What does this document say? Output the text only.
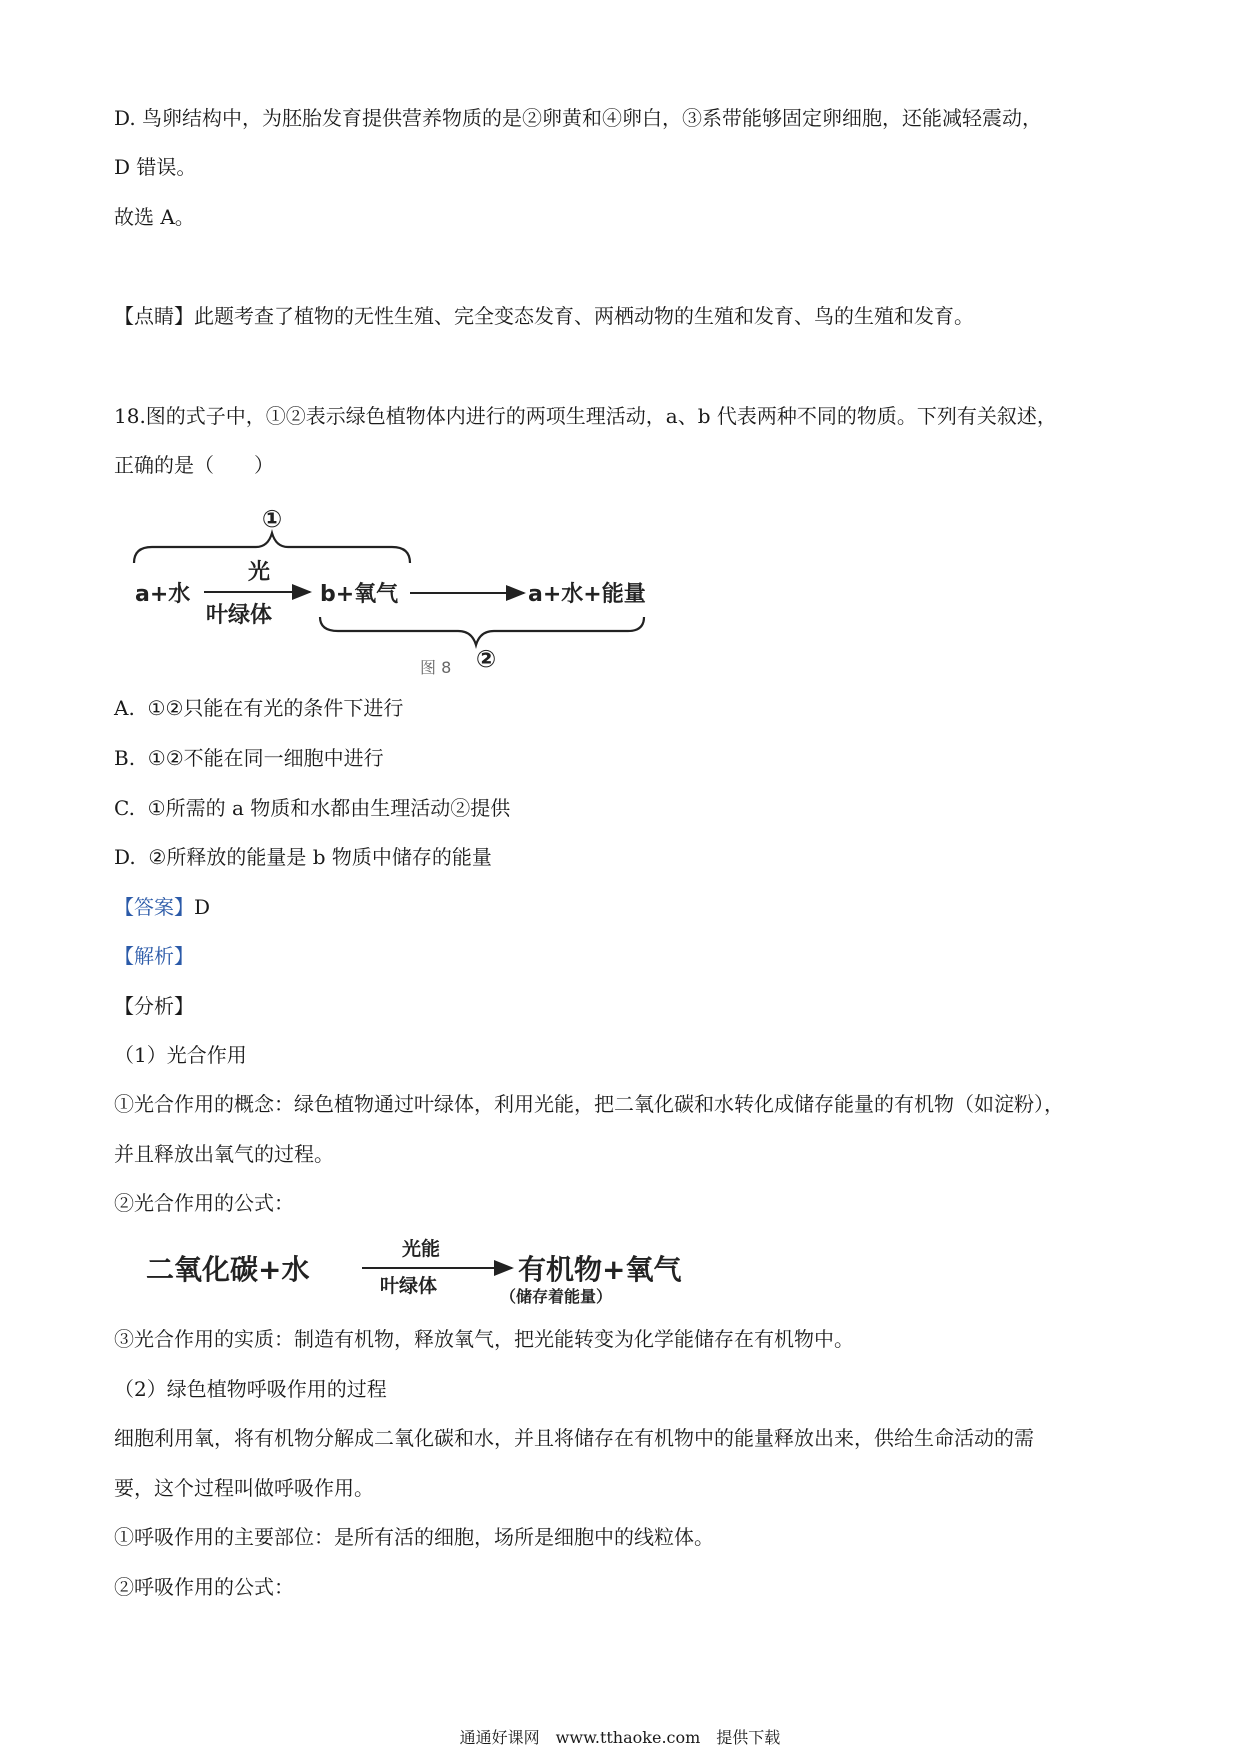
D. 鸟卵结构中，为胚胎发育提供营养物质的是②卵黄和④卵白，③系带能够固定卵细胞，还能减轻震动，
D 错误。
故选 A。
【点睛】此题考查了植物的无性生殖、完全变态发育、两栖动物的生殖和发育、鸟的生殖和发育。
18.图的式子中，①②表示绿色植物体内进行的两项生理活动，a、b 代表两种不同的物质。下列有关叙述，
正确的是（　　）
①
a+水
光
叶绿体
b+氧气	a+水+能量
②
图 8
A. ①②只能在有光的条件下进行
B. ①②不能在同一细胞中进行
C. ①所需的 a 物质和水都由生理活动②提供
D. ②所释放的能量是 b 物质中储存的能量
【答案】D
【解析】
【分析】
（1）光合作用
①光合作用的概念：绿色植物通过叶绿体，利用光能，把二氧化碳和水转化成储存能量的有机物（如淀粉），
并且释放出氧气的过程。
②光合作用的公式：
二氧化碳+水
光能
叶绿体	有机物+氧气
（储存着能量）
③光合作用的实质：制造有机物，释放氧气，把光能转变为化学能储存在有机物中。
（2）绿色植物呼吸作用的过程
细胞利用氧，将有机物分解成二氧化碳和水，并且将储存在有机物中的能量释放出来，供给生命活动的需
要，这个过程叫做呼吸作用。
①呼吸作用的主要部位：是所有活的细胞，场所是细胞中的线粒体。
②呼吸作用的公式：
通通好课网　www.tthaoke.com　提供下载
